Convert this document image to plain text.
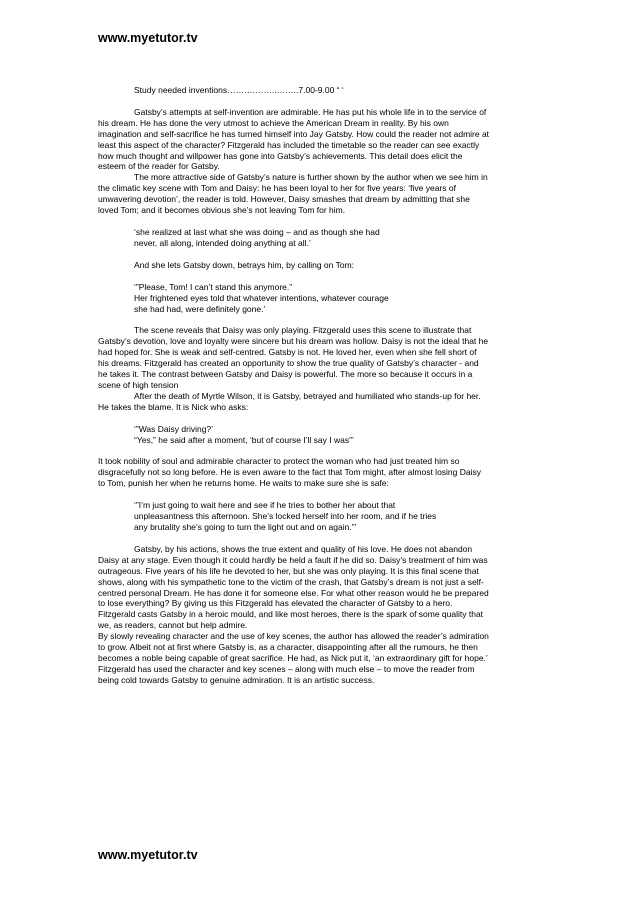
www.myetutor.tv
Study needed inventions……….……..……..7.00-9.00 “ ‘
Gatsby’s attempts at self-invention are admirable. He has put his whole life in to the service of
his dream. He has done the very utmost to achieve the American Dream in reality. By his own
imagination and self-sacrifice he has turned himself into Jay Gatsby. How could the reader not admire at
least this aspect of the character? Fitzgerald has included the timetable so the reader can see exactly
how much thought and willpower has gone into Gatsby’s achievements. This detail does elicit the
esteem of the reader for Gatsby.
The more attractive side of Gatsby’s nature is further shown by the author when we see him in
the climatic key scene with Tom and Daisy: he has been loyal to her for five years: ‘five years of
unwavering devotion’, the reader is told. However, Daisy smashes that dream by admitting that she
loved Tom; and it becomes obvious she’s not leaving Tom for him.
‘she realized at last what she was doing – and as though she had
never, all along, intended doing anything at all.’
And she lets Gatsby down, betrays him, by calling on Tom:
‘”Please, Tom! I can’t stand this anymore.”
Her frightened eyes told that whatever intentions, whatever courage
she had had, were definitely gone.’
The scene reveals that Daisy was only playing. Fitzgerald uses this scene to illustrate that
Gatsby’s devotion, love and loyalty were sincere but his dream was hollow. Daisy is not the ideal that he
had hoped for. She is weak and self-centred. Gatsby is not. He loved her, even when she fell short of
his dreams. Fitzgerald has created an opportunity to show the true quality of Gatsby’s character - and
he takes it. The contrast between Gatsby and Daisy is powerful. The more so because it occurs in a
scene of high tension
After the death of Myrtle Wilson, it is Gatsby, betrayed and humiliated who stands-up for her.
He takes the blame. It is Nick who asks:
‘”Was Daisy driving?’
“Yes,” he said after a moment, ‘but of course I’ll say I was”’
It took nobility of soul and admirable character to protect the woman who had just treated him so
disgracefully not so long before. He is even aware to the fact that Tom might, after almost losing Daisy
to Tom, punish her when he returns home. He waits to make sure she is safe:
‘”I’m just going to wait here and see if he tries to bother her about that
unpleasantness this afternoon. She’s locked herself into her room, and if he tries
any brutality she’s going to turn the light out and on again.”’
Gatsby, by his actions, shows the true extent and quality of his love. He does not abandon
Daisy at any stage. Even though it could hardly be held a fault if he did so. Daisy’s treatment of him was
outrageous. Five years of his life he devoted to her, but she was only playing. It is this final scene that
shows, along with his sympathetic tone to the victim of the crash, that Gatsby’s dream is not just a self-
centred personal Dream. He has done it for someone else. For what other reason would he be prepared
to lose everything? By giving us this Fitzgerald has elevated the character of Gatsby to a hero.
Fitzgerald casts Gatsby in a heroic mould, and like most heroes, there is the spark of some quality that
we, as readers, cannot but help admire.
By slowly revealing character and the use of key scenes, the author has allowed the reader’s admiration
to grow. Albeit not at first where Gatsby is, as a character, disappointing after all the rumours, he then
becomes a noble being capable of great sacrifice. He had, as Nick put it, ‘an extraordinary gift for hope.’
Fitzgerald has used the character and key scenes – along with much else – to move the reader from
being cold towards Gatsby to genuine admiration. It is an artistic success.
www.myetutor.tv
